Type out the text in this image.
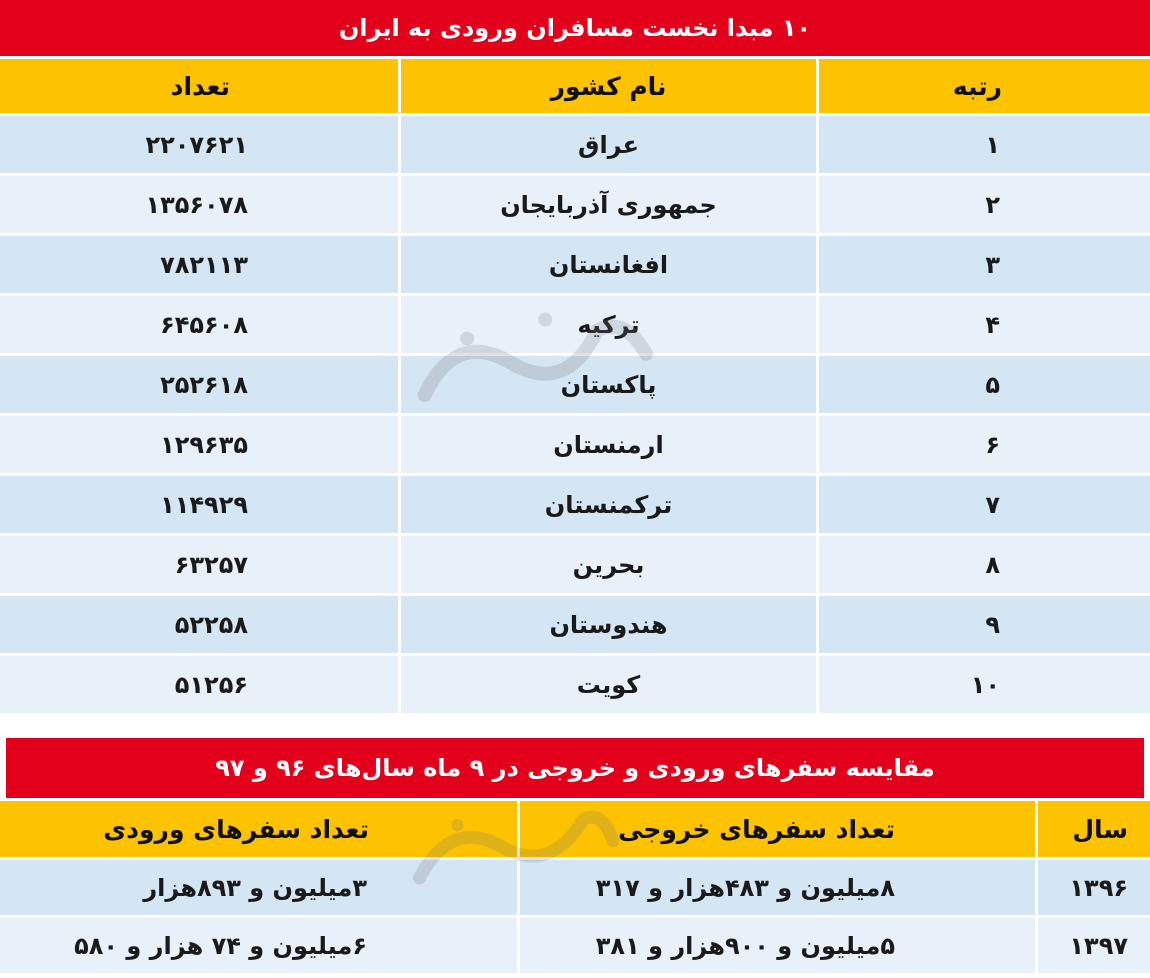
۱۰ مبدا نخست مسافران ورودی به ایران
رتبه
نام کشور
تعداد
۱
عراق
۲۲۰۷۶۲۱
۲
جمهوری آذربایجان
۱۳۵۶۰۷۸
۳
افغانستان
۷۸۲۱۱۳
۴
ترکیه
۶۴۵۶۰۸
۵
پاکستان
۲۵۲۶۱۸
۶
ارمنستان
۱۲۹۶۳۵
۷
ترکمنستان
۱۱۴۹۲۹
۸
بحرین
۶۳۲۵۷
۹
هندوستان
۵۲۲۵۸
۱۰
کویت
۵۱۲۵۶
مقایسه سفرهای ورودی و خروجی در ۹ ماه سال‌های ۹۶ و ۹۷
سال
تعداد سفرهای خروجی
تعداد سفرهای ورودی
۱۳۹۶
۸میلیون و ۴۸۳هزار و ۳۱۷
۳میلیون و ۸۹۳هزار
۱۳۹۷
۵میلیون و ۹۰۰هزار و ۳۸۱
۶میلیون و ۷۴ هزار و ۵۸۰
